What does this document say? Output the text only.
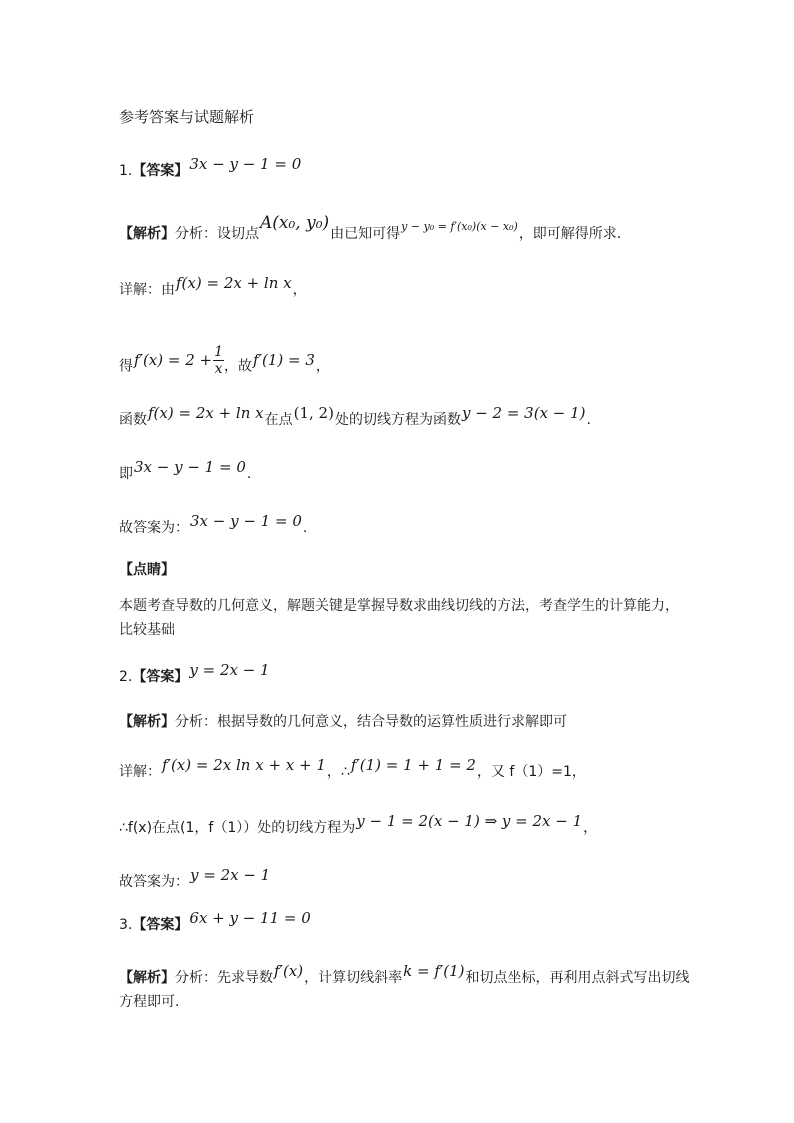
参考答案与试题解析
1.【答案】3x − y − 1 = 0
【解析】分析：设切点A(x₀, y₀)由已知可得y − y₀ = f′(x₀)(x − x₀)，即可解得所求.
详解：由f(x) = 2x + ln x，
得$f'(x) = 2 + \frac{1}{x}$ ，故f′(1) = 3，
函数f(x) = 2x + ln x在点(1, 2)处的切线方程为函数y − 2 = 3(x − 1).
即3x − y − 1 = 0.
故答案为：3x − y − 1 = 0.
【点睛】
本题考查导数的几何意义，解题关键是掌握导数求曲线切线的方法，考查学生的计算能力，比较基础
2.【答案】y = 2x − 1
【解析】分析：根据导数的几何意义，结合导数的运算性质进行求解即可
详解：f′(x) = 2x ln x + x + 1，∴f′(1) = 1 + 1 = 2，又 f（1）=1，
∴f(x)在点(1，f（1））处的切线方程为y − 1 = 2(x − 1) ⇒ y = 2x − 1，
故答案为：y = 2x − 1
3.【答案】6x + y − 11 = 0
【解析】分析：先求导数f′(x)，计算切线斜率k = f′(1)和切点坐标，再利用点斜式写出切线方程即可.
